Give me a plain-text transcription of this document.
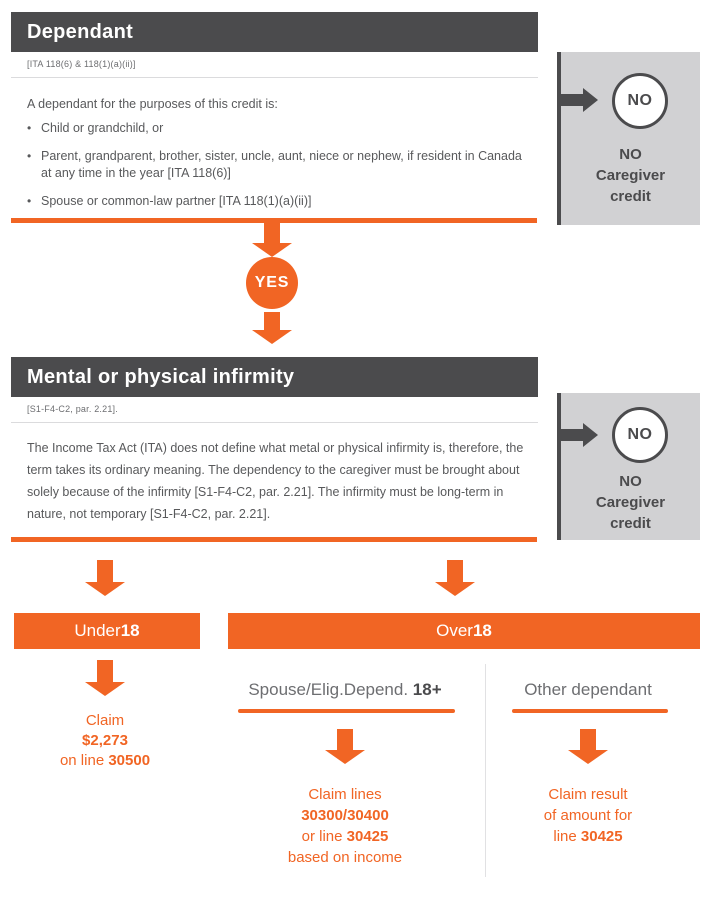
Dependant
[ITA 118(6) & 118(1)(a)(ii)]
A dependant for the purposes of this credit is:
• Child or grandchild, or
• Parent, grandparent, brother, sister, uncle, aunt, niece or nephew, if resident in Canada at any time in the year [ITA 118(6)]
• Spouse or common-law partner [ITA 118(1)(a)(ii)]
NO
NO
Caregiver
credit
YES
Mental or physical infirmity
[S1-F4-C2, par. 2.21].
The Income Tax Act (ITA) does not define what metal or physical infirmity is, therefore, the term takes its ordinary meaning. The dependency to the caregiver must be brought about solely because of the infirmity [S1-F4-C2, par. 2.21]. The infirmity must be long-term in nature, not temporary [S1-F4-C2, par. 2.21].
NO
NO
Caregiver
credit
Under 18	Over 18
Claim
$2,273
on line 30500
Spouse/Elig.Depend. 18+
Claim lines
30300/30400
or line 30425
based on income
Other dependant
Claim result
of amount for
line 30425
